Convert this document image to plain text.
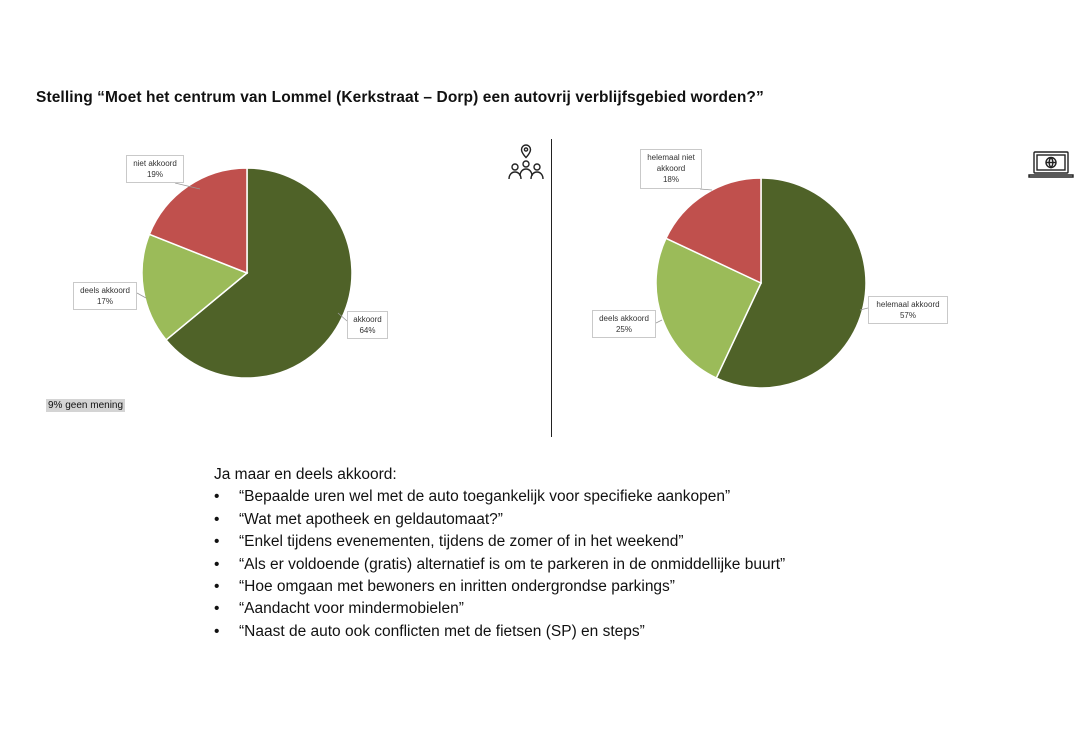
Stelling “Moet het centrum van Lommel (Kerkstraat – Dorp) een autovrij verblijfsgebied worden?”
niet akkoord
19%
deels akkoord
17%
akkoord
64%
helemaal niet
akkoord
18%
deels akkoord
25%
helemaal akkoord
57%
9% geen mening
Ja maar en deels akkoord:
• “Bepaalde uren wel met de auto toegankelijk voor specifieke aankopen”
• “Wat met apotheek en geldautomaat?”
• “Enkel tijdens evenementen, tijdens de zomer of in het weekend”
• “Als er voldoende (gratis) alternatief is om te parkeren in de onmiddellijke buurt”
• “Hoe omgaan met bewoners en inritten ondergrondse parkings”
• “Aandacht voor mindermobielen”
• “Naast de auto ook conflicten met de fietsen (SP) en steps”
